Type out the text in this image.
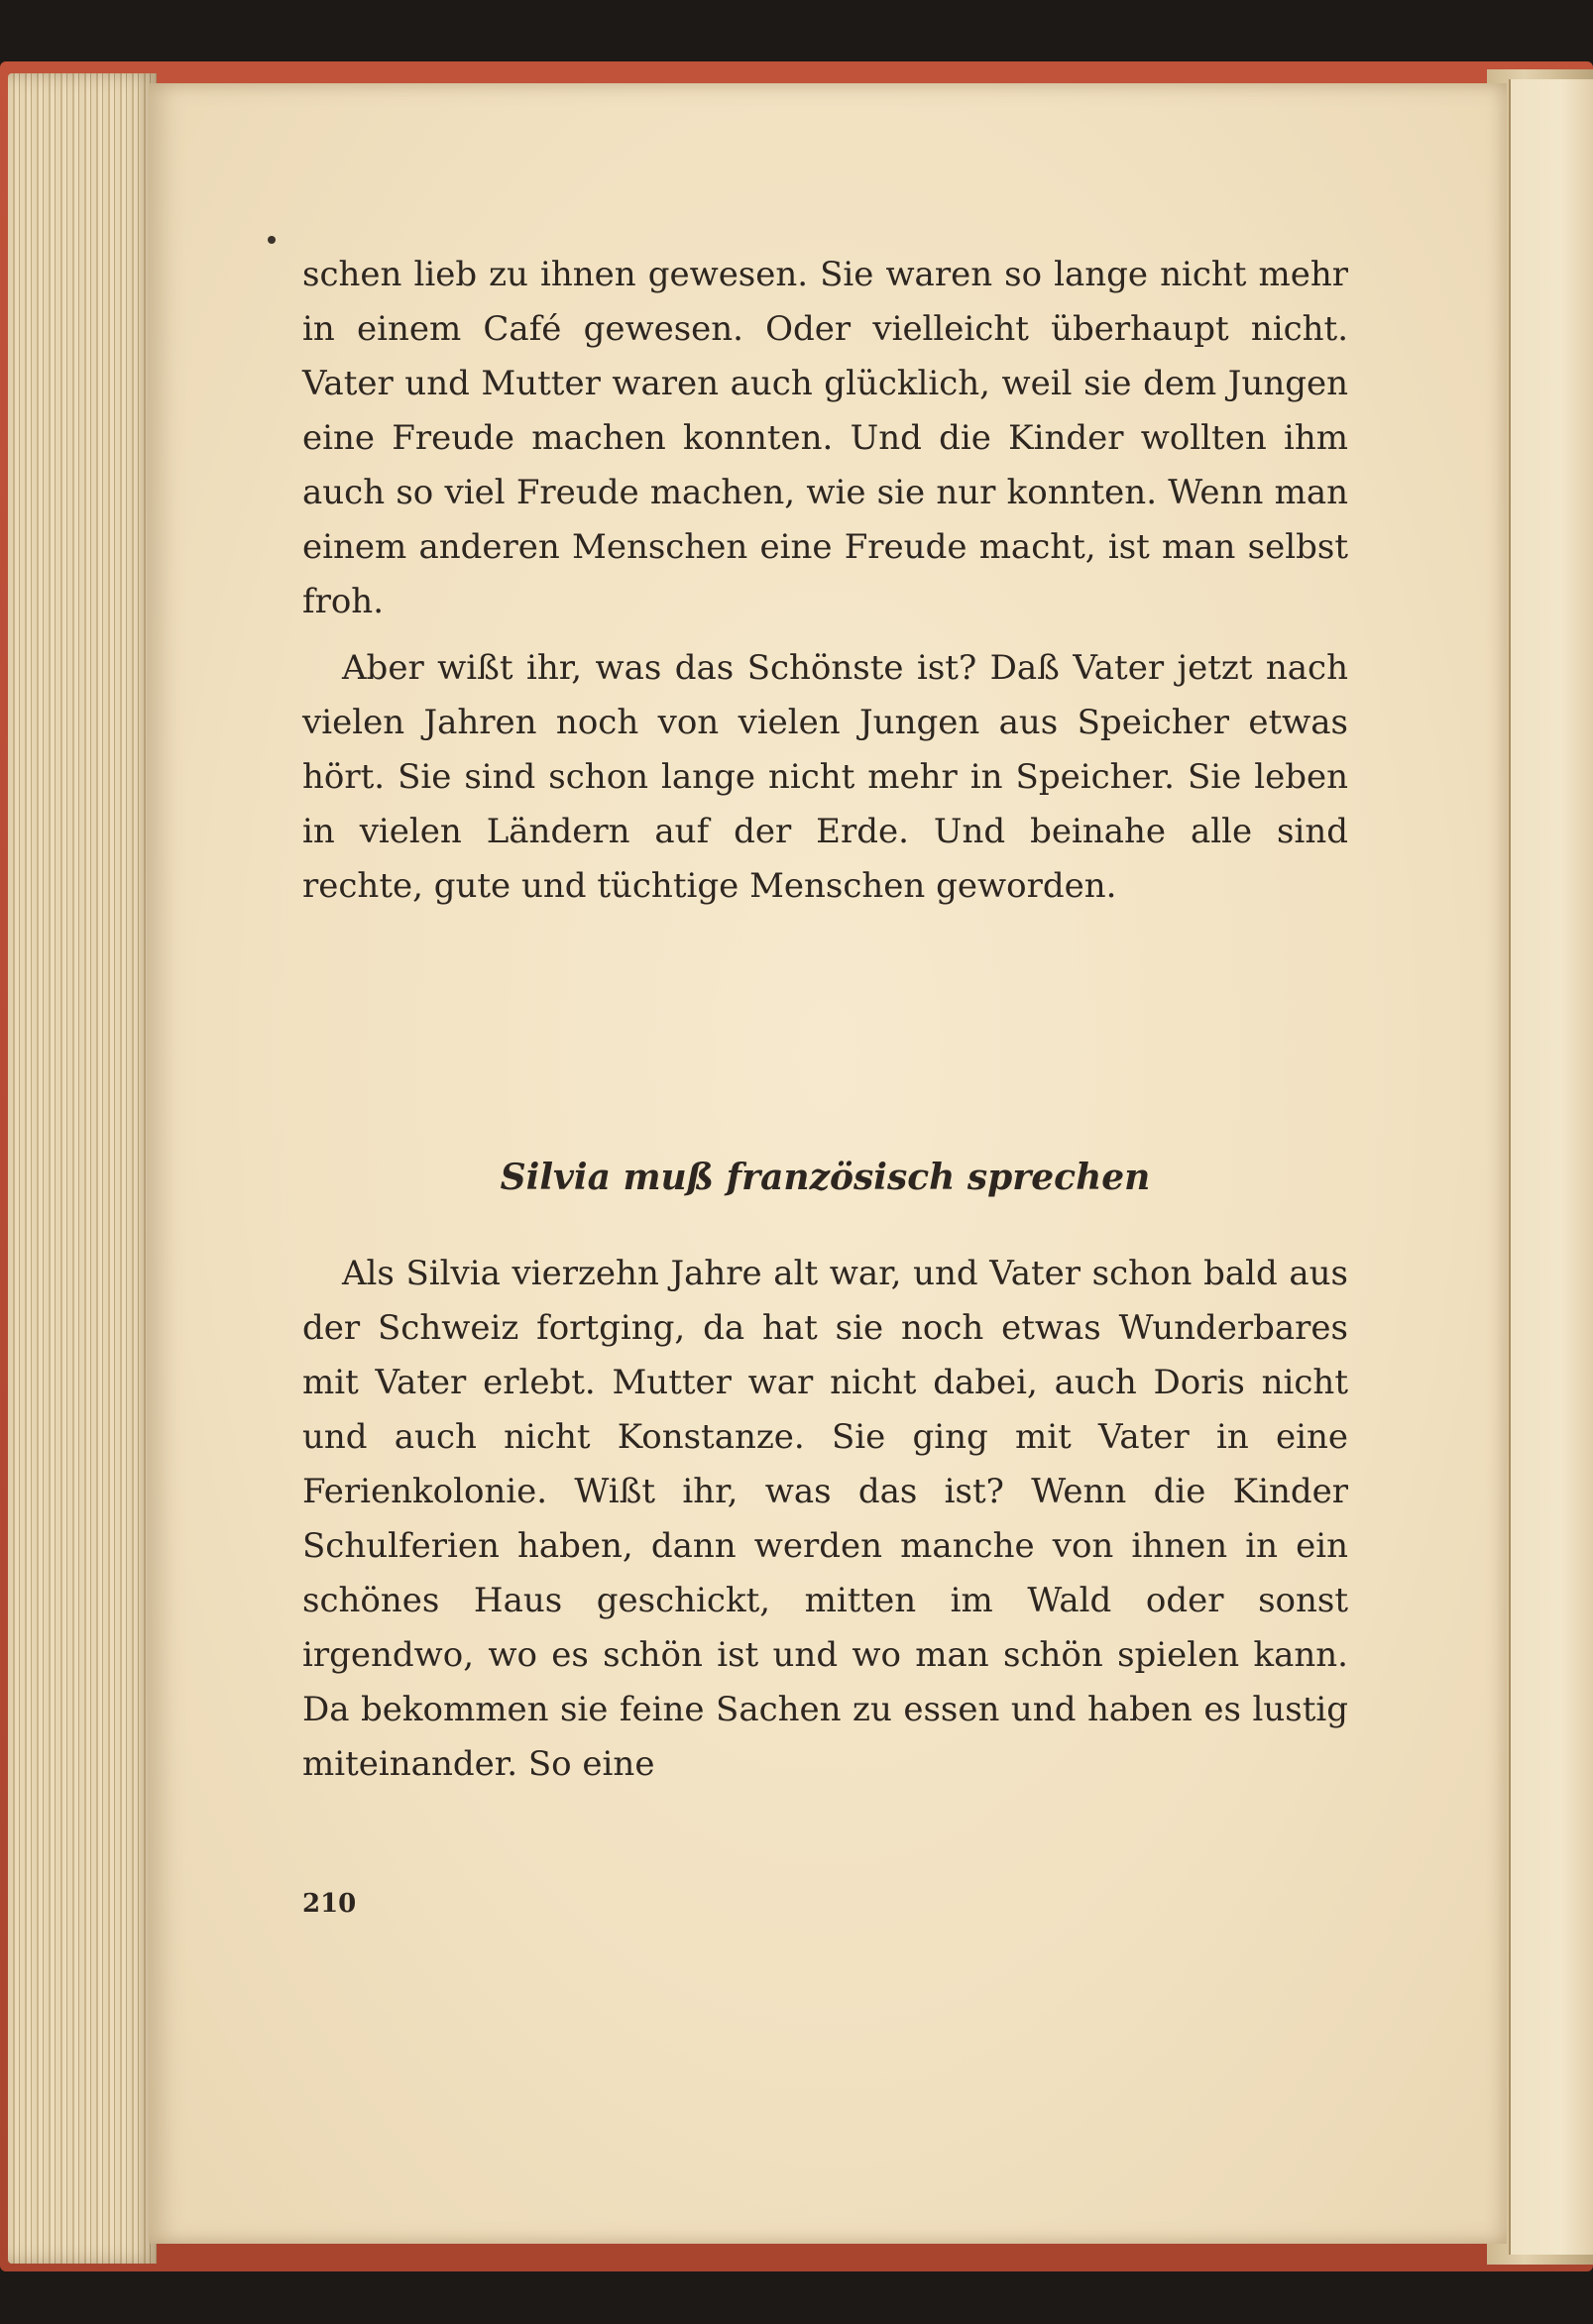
schen lieb zu ihnen gewesen. Sie waren so lange nicht mehr in einem Café gewesen. Oder vielleicht überhaupt nicht. Vater und Mutter waren auch glücklich, weil sie dem Jungen eine Freude machen konnten. Und die Kinder wollten ihm auch so viel Freude machen, wie sie nur konnten. Wenn man einem anderen Menschen eine Freude macht, ist man selbst froh.

Aber wißt ihr, was das Schönste ist? Daß Vater jetzt nach vielen Jahren noch von vielen Jungen aus Speicher etwas hört. Sie sind schon lange nicht mehr in Speicher. Sie leben in vielen Ländern auf der Erde. Und beinahe alle sind rechte, gute und tüchtige Menschen geworden.

Silvia muß französisch sprechen

Als Silvia vierzehn Jahre alt war, und Vater schon bald aus der Schweiz fortging, da hat sie noch etwas Wunderbares mit Vater erlebt. Mutter war nicht dabei, auch Doris nicht und auch nicht Konstanze. Sie ging mit Vater in eine Ferienkolonie. Wißt ihr, was das ist? Wenn die Kinder Schulferien haben, dann werden manche von ihnen in ein schönes Haus geschickt, mitten im Wald oder sonst irgendwo, wo es schön ist und wo man schön spielen kann. Da bekommen sie feine Sachen zu essen und haben es lustig miteinander. So eine

210
